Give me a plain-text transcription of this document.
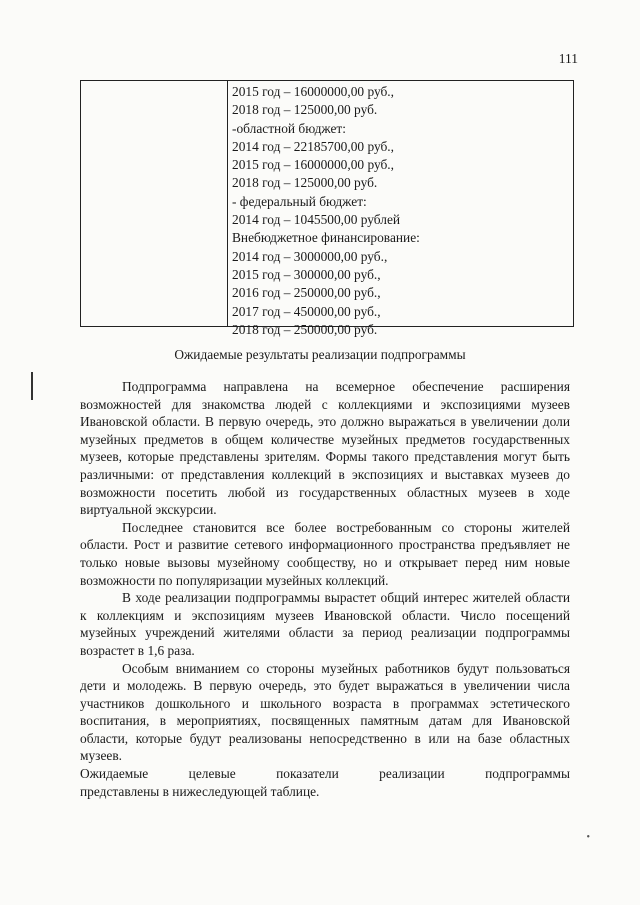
111
2015 год – 16000000,00 руб.,
2018 год – 125000,00 руб.
-областной бюджет:
2014 год – 22185700,00 руб.,
2015 год – 16000000,00 руб.,
2018 год – 125000,00 руб.
- федеральный бюджет:
2014 год – 1045500,00 рублей
Внебюджетное финансирование:
2014 год – 3000000,00 руб.,
2015 год – 300000,00 руб.,
2016 год – 250000,00 руб.,
2017 год – 450000,00 руб.,
2018 год – 250000,00 руб.
Ожидаемые результаты реализации подпрограммы

Подпрограмма направлена на всемерное обеспечение расширения возможностей для знакомства людей с коллекциями и экспозициями музеев Ивановской области. В первую очередь, это должно выражаться в увеличении доли музейных предметов в общем количестве музейных предметов государственных музеев, которые представлены зрителям. Формы такого представления могут быть различными: от представления коллекций в экспозициях и выставках музеев до возможности посетить любой из государственных областных музеев в ходе виртуальной экскурсии.

Последнее становится все более востребованным со стороны жителей области. Рост и развитие сетевого информационного пространства предъявляет не только новые вызовы музейному сообществу, но и открывает перед ним новые возможности по популяризации музейных коллекций.

В ходе реализации подпрограммы вырастет общий интерес жителей области к коллекциям и экспозициям музеев Ивановской области. Число посещений музейных учреждений жителями области за период реализации подпрограммы возрастет в 1,6 раза.

Особым вниманием со стороны музейных работников будут пользоваться дети и молодежь. В первую очередь, это будет выражаться в увеличении числа участников дошкольного и школьного возраста в программах эстетического воспитания, в мероприятиях, посвященных памятным датам для Ивановской области, которые будут реализованы непосредственно в или на базе областных музеев.

Ожидаемые целевые показатели реализации подпрограммы
представлены в нижеследующей таблице.

•
